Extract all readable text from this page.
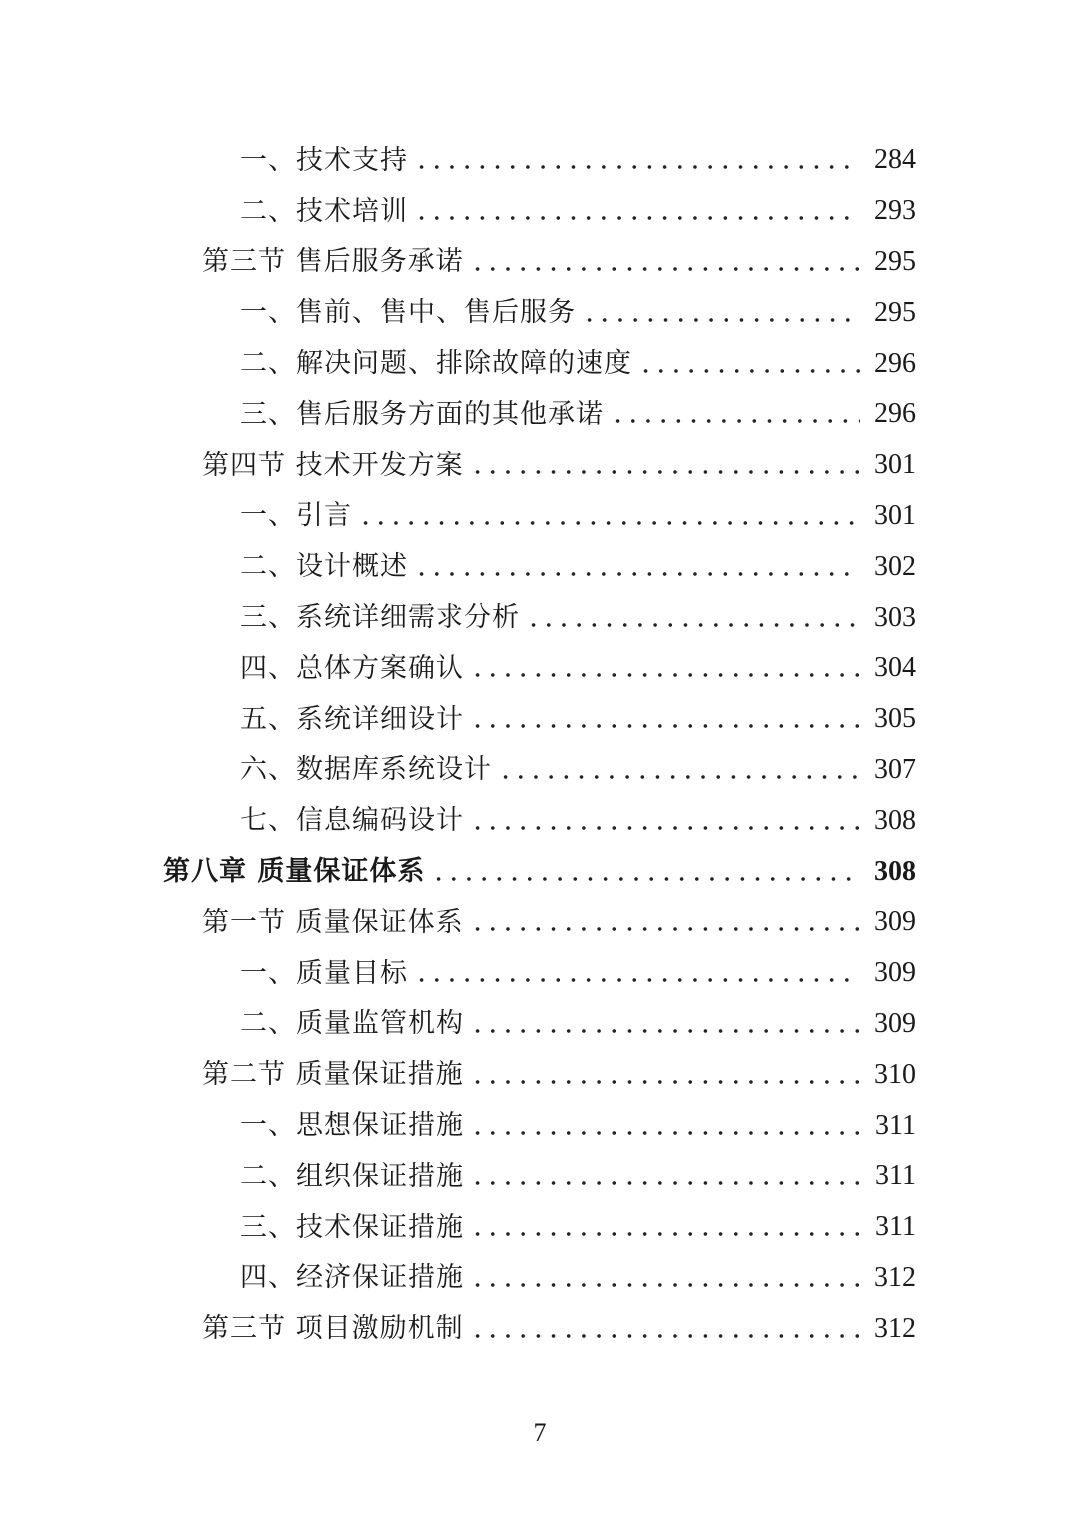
一、技术支持	284
二、技术培训	293
第三节 售后服务承诺	295
一、售前、售中、售后服务	295
二、解决问题、排除故障的速度	296
三、售后服务方面的其他承诺	296
第四节 技术开发方案	301
一、引言	301
二、设计概述	302
三、系统详细需求分析	303
四、总体方案确认	304
五、系统详细设计	305
六、数据库系统设计	307
七、信息编码设计	308
第八章 质量保证体系	308
第一节 质量保证体系	309
一、质量目标	309
二、质量监管机构	309
第二节 质量保证措施	310
一、思想保证措施	311
二、组织保证措施	311
三、技术保证措施	311
四、经济保证措施	312
第三节 项目激励机制	312
7
